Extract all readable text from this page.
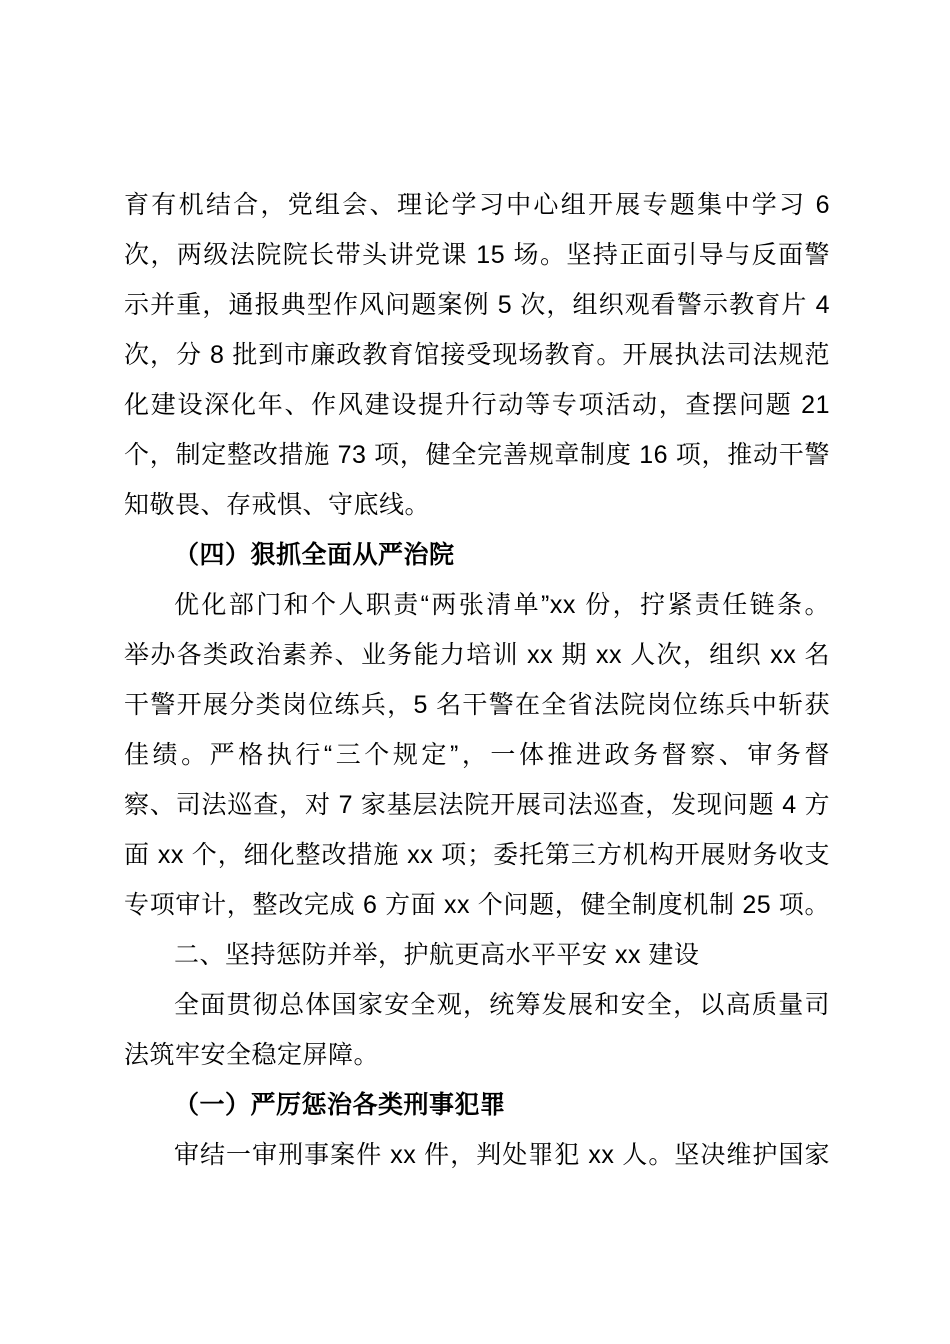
育有机结合，党组会、理论学习中心组开展专题集中学习 6
次，两级法院院长带头讲党课 15 场。坚持正面引导与反面警
示并重，通报典型作风问题案例 5 次，组织观看警示教育片 4
次，分 8 批到市廉政教育馆接受现场教育。开展执法司法规范
化建设深化年、作风建设提升行动等专项活动，查摆问题 21
个，制定整改措施 73 项，健全完善规章制度 16 项，推动干警
知敬畏、存戒惧、守底线。
（四）狠抓全面从严治院
优化部门和个人职责“两张清单”xx 份，拧紧责任链条。
举办各类政治素养、业务能力培训 xx 期 xx 人次，组织 xx 名
干警开展分类岗位练兵，5 名干警在全省法院岗位练兵中斩获
佳绩。严格执行“三个规定”，一体推进政务督察、审务督
察、司法巡查，对 7 家基层法院开展司法巡查，发现问题 4 方
面 xx 个，细化整改措施 xx 项；委托第三方机构开展财务收支
专项审计，整改完成 6 方面 xx 个问题，健全制度机制 25 项。
二、坚持惩防并举，护航更高水平平安 xx 建设
全面贯彻总体国家安全观，统筹发展和安全，以高质量司
法筑牢安全稳定屏障。
（一）严厉惩治各类刑事犯罪
审结一审刑事案件 xx 件，判处罪犯 xx 人。坚决维护国家
